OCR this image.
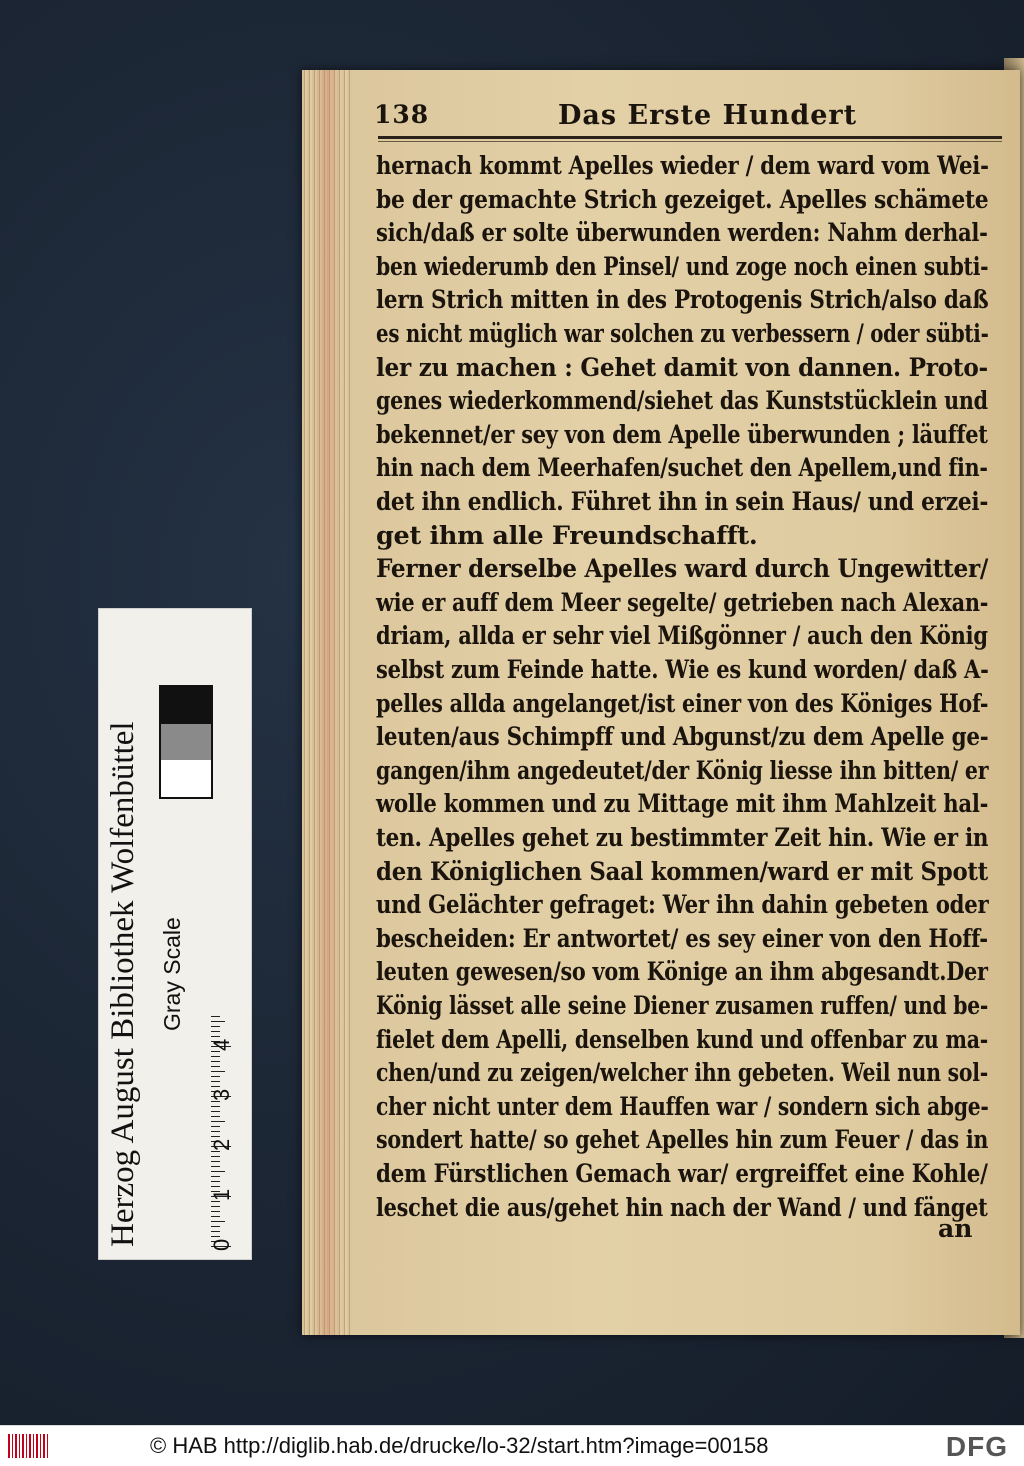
138	Das Erste Hundert
hernach kommt Apelles wieder / dem ward vom Wei-
be der gemachte Strich gezeiget. Apelles schämete
sich/daß er solte überwunden werden: Nahm derhal-
ben wiederumb den Pinsel/ und zoge noch einen subti-
lern Strich mitten in des Protogenis Strich/also daß
es nicht müglich war solchen zu verbessern / oder sübti-
ler zu machen : Gehet damit von dannen. Proto-
genes wiederkommend/siehet das Kunststücklein und
bekennet/er sey von dem Apelle überwunden ; läuffet
hin nach dem Meerhafen/suchet den Apellem,und fin-
det ihn endlich. Führet ihn in sein Haus/ und erzei-
get ihm alle Freundschafft.
Ferner derselbe Apelles ward durch Ungewitter/
wie er auff dem Meer segelte/ getrieben nach Alexan-
driam, allda er sehr viel Mißgönner / auch den König
selbst zum Feinde hatte. Wie es kund worden/ daß A-
pelles allda angelanget/ist einer von des Königes Hof-
leuten/aus Schimpff und Abgunst/zu dem Apelle ge-
gangen/ihm angedeutet/der König liesse ihn bitten/ er
wolle kommen und zu Mittage mit ihm Mahlzeit hal-
ten. Apelles gehet zu bestimmter Zeit hin. Wie er in
den Königlichen Saal kommen/ward er mit Spott
und Gelächter gefraget: Wer ihn dahin gebeten oder
bescheiden: Er antwortet/ es sey einer von den Hoff-
leuten gewesen/so vom Könige an ihm abgesandt.Der
König lässet alle seine Diener zusamen ruffen/ und be-
fielet dem Apelli, denselben kund und offenbar zu ma-
chen/und zu zeigen/welcher ihn gebeten. Weil nun sol-
cher nicht unter dem Hauffen war / sondern sich abge-
sondert hatte/ so gehet Apelles hin zum Feuer / das in
dem Fürstlichen Gemach war/ ergreiffet eine Kohle/
leschet die aus/gehet hin nach der Wand / und fänget
an
Herzog August Bibliothek Wolfenbüttel Gray Scale
0
1
2
3
4
© HAB http://diglib.hab.de/drucke/lo-32/start.htm?image=00158	DFG
